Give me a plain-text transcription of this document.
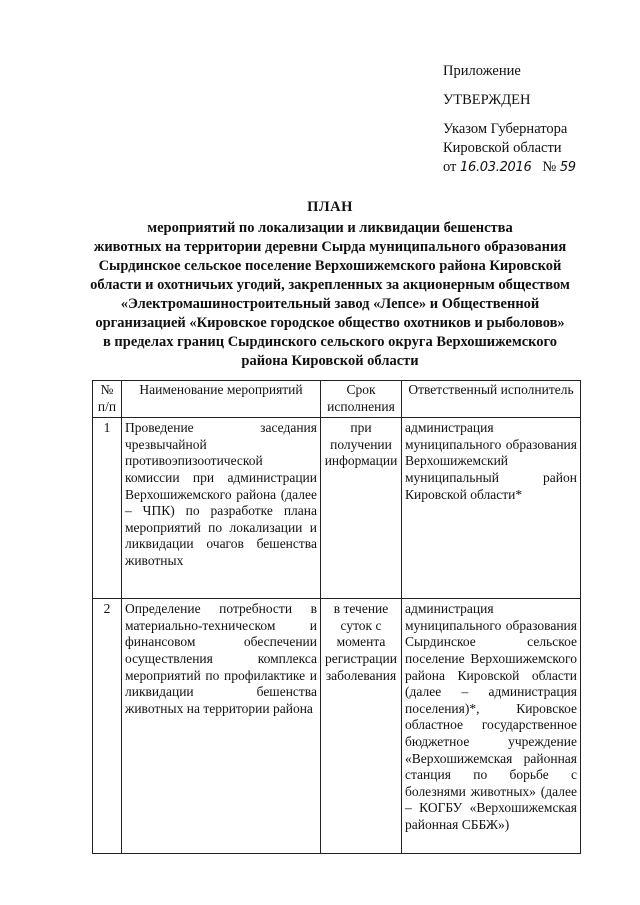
Приложение
УТВЕРЖДЕН
Указом Губернатора
Кировской области
от 16.03.2016 № 59
ПЛАН
мероприятий по локализации и ликвидации бешенства
животных на территории деревни Сырда муниципального образования
Сырдинское сельское поселение Верхошижемского района Кировской
области и охотничьих угодий, закрепленных за акционерным обществом
«Электромашиностроительный завод «Лепсе» и Общественной
организацией «Кировское городское общество охотников и рыболовов»
в пределах границ Сырдинского сельского округа Верхошижемского
района Кировской области
№ п/п	Наименование мероприятий	Срок исполнения	Ответственный исполнитель
1	Проведение заседания чрезвычайной противоэпизоотической комиссии при администрации Верхошижемского района (далее – ЧПК) по разработке плана мероприятий по локализации и ликвидации очагов бешенства животных	при получении информации	администрация муниципального образования Верхошижемский муниципальный район Кировской области*
2	Определение потребности в материально-техническом и финансовом обеспечении осуществления комплекса мероприятий по профилактике и ликвидации бешенства животных на территории района	в течение суток с момента регистрации заболевания	администрация муниципального образования Сырдинское сельское поселение Верхошижемского района Кировской области (далее – администрация поселения)*, Кировское областное государственное бюджетное учреждение «Верхошижемская районная станция по борьбе с болезнями животных» (далее – КОГБУ «Верхошижемская районная СББЖ»)
